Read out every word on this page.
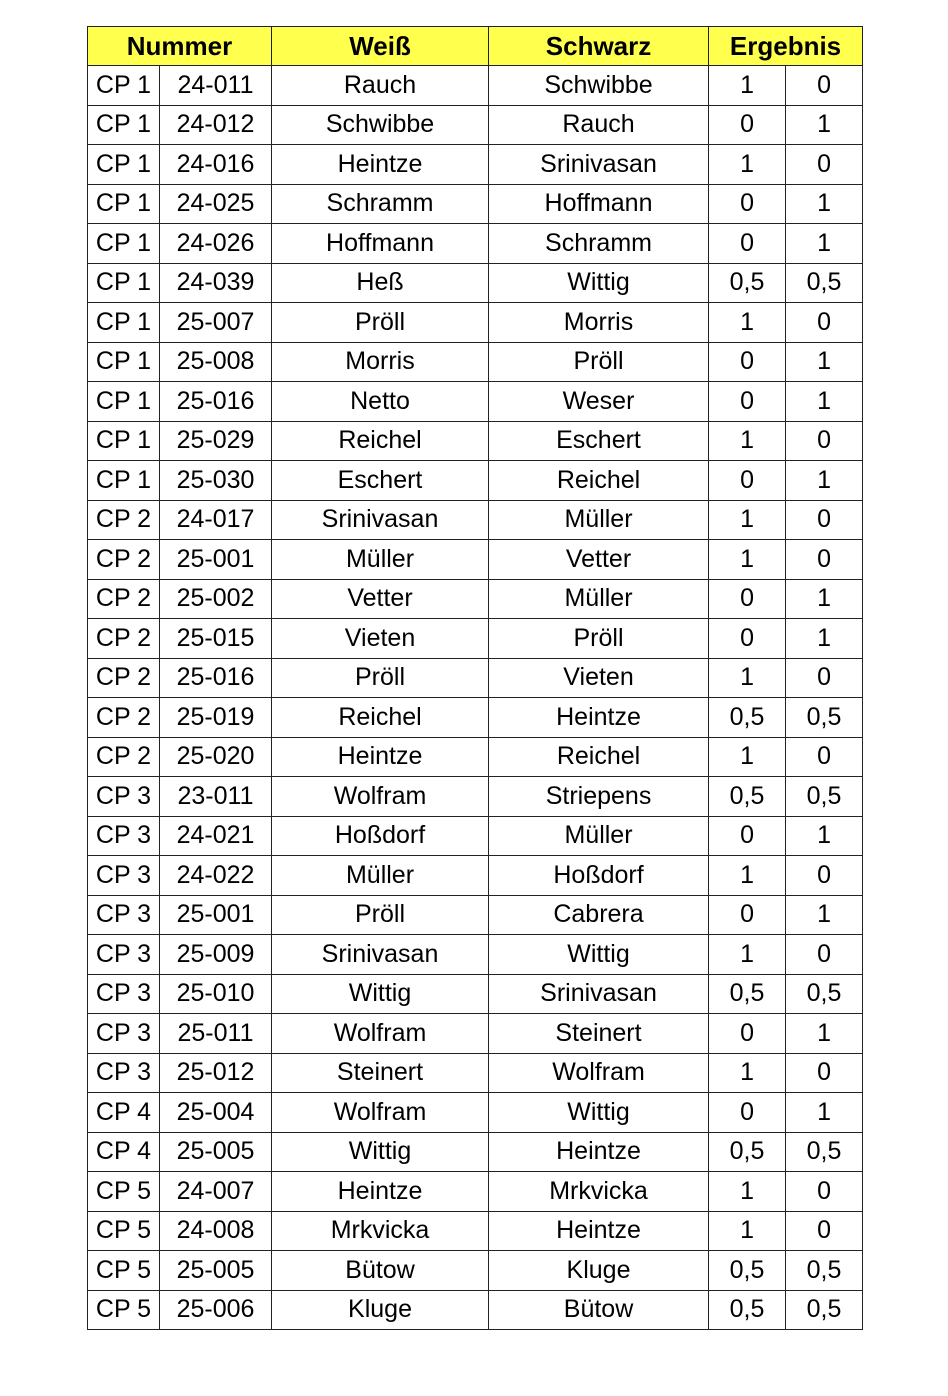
Nummer		Weiß	Schwarz	Ergebnis	
CP 1	24-011	Rauch	Schwibbe	1	0
CP 1	24-012	Schwibbe	Rauch	0	1
CP 1	24-016	Heintze	Srinivasan	1	0
CP 1	24-025	Schramm	Hoffmann	0	1
CP 1	24-026	Hoffmann	Schramm	0	1
CP 1	24-039	Heß	Wittig	0,5	0,5
CP 1	25-007	Pröll	Morris	1	0
CP 1	25-008	Morris	Pröll	0	1
CP 1	25-016	Netto	Weser	0	1
CP 1	25-029	Reichel	Eschert	1	0
CP 1	25-030	Eschert	Reichel	0	1
CP 2	24-017	Srinivasan	Müller	1	0
CP 2	25-001	Müller	Vetter	1	0
CP 2	25-002	Vetter	Müller	0	1
CP 2	25-015	Vieten	Pröll	0	1
CP 2	25-016	Pröll	Vieten	1	0
CP 2	25-019	Reichel	Heintze	0,5	0,5
CP 2	25-020	Heintze	Reichel	1	0
CP 3	23-011	Wolfram	Striepens	0,5	0,5
CP 3	24-021	Hoßdorf	Müller	0	1
CP 3	24-022	Müller	Hoßdorf	1	0
CP 3	25-001	Pröll	Cabrera	0	1
CP 3	25-009	Srinivasan	Wittig	1	0
CP 3	25-010	Wittig	Srinivasan	0,5	0,5
CP 3	25-011	Wolfram	Steinert	0	1
CP 3	25-012	Steinert	Wolfram	1	0
CP 4	25-004	Wolfram	Wittig	0	1
CP 4	25-005	Wittig	Heintze	0,5	0,5
CP 5	24-007	Heintze	Mrkvicka	1	0
CP 5	24-008	Mrkvicka	Heintze	1	0
CP 5	25-005	Bütow	Kluge	0,5	0,5
CP 5	25-006	Kluge	Bütow	0,5	0,5
